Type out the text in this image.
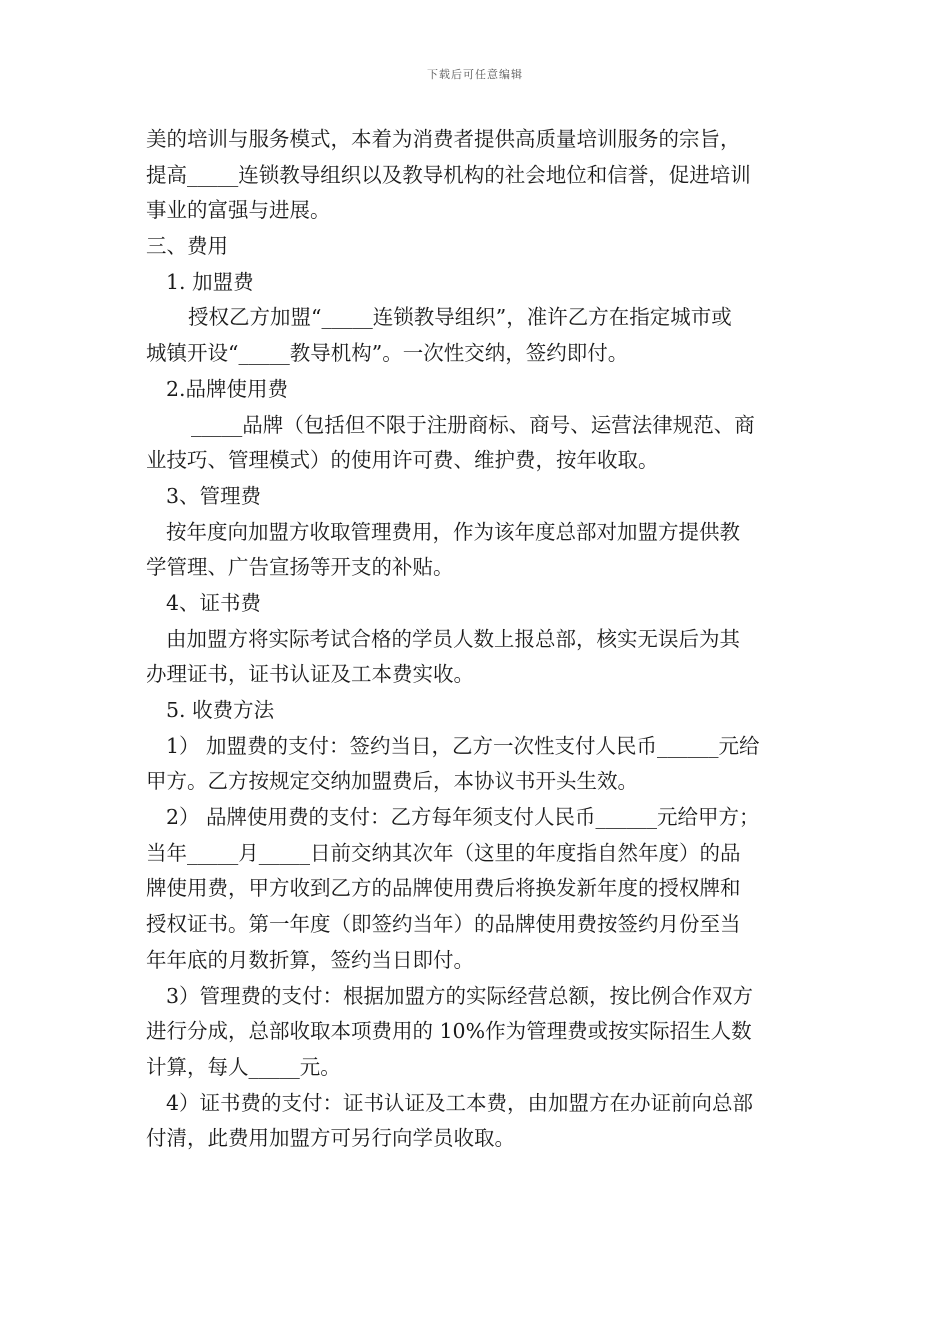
下载后可任意编辑
美的培训与服务模式，本着为消费者提供高质量培训服务的宗旨，
提高_____连锁教导组织以及教导机构的社会地位和信誉，促进培训
事业的富强与进展。
三、费用
1. 加盟费
授权乙方加盟“_____连锁教导组织”，准许乙方在指定城市或
城镇开设“_____教导机构”。一次性交纳，签约即付。
2.品牌使用费
_____品牌（包括但不限于注册商标、商号、运营法律规范、商
业技巧、管理模式）的使用许可费、维护费，按年收取。
3、管理费
按年度向加盟方收取管理费用，作为该年度总部对加盟方提供教
学管理、广告宣扬等开支的补贴。
4、证书费
由加盟方将实际考试合格的学员人数上报总部，核实无误后为其
办理证书，证书认证及工本费实收。
5. 收费方法
1） 加盟费的支付：签约当日，乙方一次性支付人民币______元给
甲方。乙方按规定交纳加盟费后，本协议书开头生效。
2） 品牌使用费的支付：乙方每年须支付人民币______元给甲方；
当年_____月_____日前交纳其次年（这里的年度指自然年度）的品
牌使用费，甲方收到乙方的品牌使用费后将换发新年度的授权牌和
授权证书。第一年度（即签约当年）的品牌使用费按签约月份至当
年年底的月数折算，签约当日即付。
3）管理费的支付：根据加盟方的实际经营总额，按比例合作双方
进行分成，总部收取本项费用的 10%作为管理费或按实际招生人数
计算，每人_____元。
4）证书费的支付：证书认证及工本费，由加盟方在办证前向总部
付清，此费用加盟方可另行向学员收取。
